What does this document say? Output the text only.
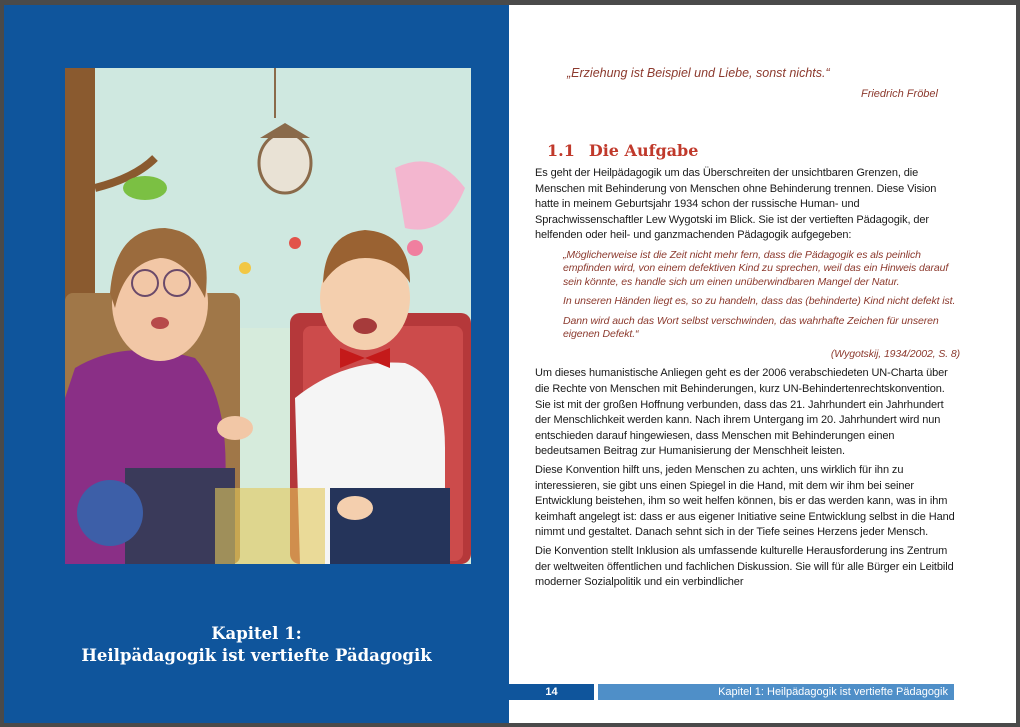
Kapitel 1:
Heilpädagogik ist vertiefte Pädagogik
„Erziehung ist Beispiel und Liebe, sonst nichts.“
Friedrich Fröbel
1.1 Die Aufgabe

Es geht der Heilpädagogik um das Überschreiten der unsichtbaren Grenzen, die Menschen mit Behinderung von Menschen ohne Behinderung trennen. Diese Vision hatte in meinem Geburtsjahr 1934 schon der russische Human- und Sprachwissenschaftler Lew Wygotski im Blick. Sie ist der vertieften Pädagogik, der helfenden oder heil- und ganzmachenden Pädagogik aufgegeben:

„Möglicherweise ist die Zeit nicht mehr fern, dass die Pädagogik es als peinlich empfinden wird, von einem defektiven Kind zu sprechen, weil das ein Hinweis darauf sein könnte, es handle sich um einen unüberwindbaren Mangel der Natur.

In unseren Händen liegt es, so zu handeln, dass das (behinderte) Kind nicht defekt ist.

Dann wird auch das Wort selbst verschwinden, das wahrhafte Zeichen für unseren eigenen Defekt.“

(Wygotskij, 1934/2002, S. 8)

Um dieses humanistische Anliegen geht es der 2006 verabschiedeten UN-Charta über die Rechte von Menschen mit Behinderungen, kurz UN-Behindertenrechtskonvention. Sie ist mit der großen Hoffnung verbunden, dass das 21. Jahrhundert ein Jahrhundert der Menschlichkeit werden kann. Nach ihrem Untergang im 20. Jahrhundert wird nun entschieden darauf hingewiesen, dass Menschen mit Behinderungen einen bedeutsamen Beitrag zur Humanisierung der Menschheit leisten.

Diese Konvention hilft uns, jeden Menschen zu achten, uns wirklich für ihn zu interessieren, sie gibt uns einen Spiegel in die Hand, mit dem wir ihm bei seiner Entwicklung beistehen, ihm so weit helfen können, bis er das werden kann, was in ihm keimhaft angelegt ist: dass er aus eigener Initiative seine Entwicklung selbst in die Hand nimmt und gestaltet. Danach sehnt sich in der Tiefe seines Herzens jeder Mensch.

Die Konvention stellt Inklusion als umfassende kulturelle Herausforderung ins Zentrum der weltweiten öffentlichen und fachlichen Diskussion. Sie will für alle Bürger ein Leitbild moderner Sozialpolitik und ein verbindlicher

14	Kapitel 1: Heilpädagogik ist vertiefte Pädagogik
